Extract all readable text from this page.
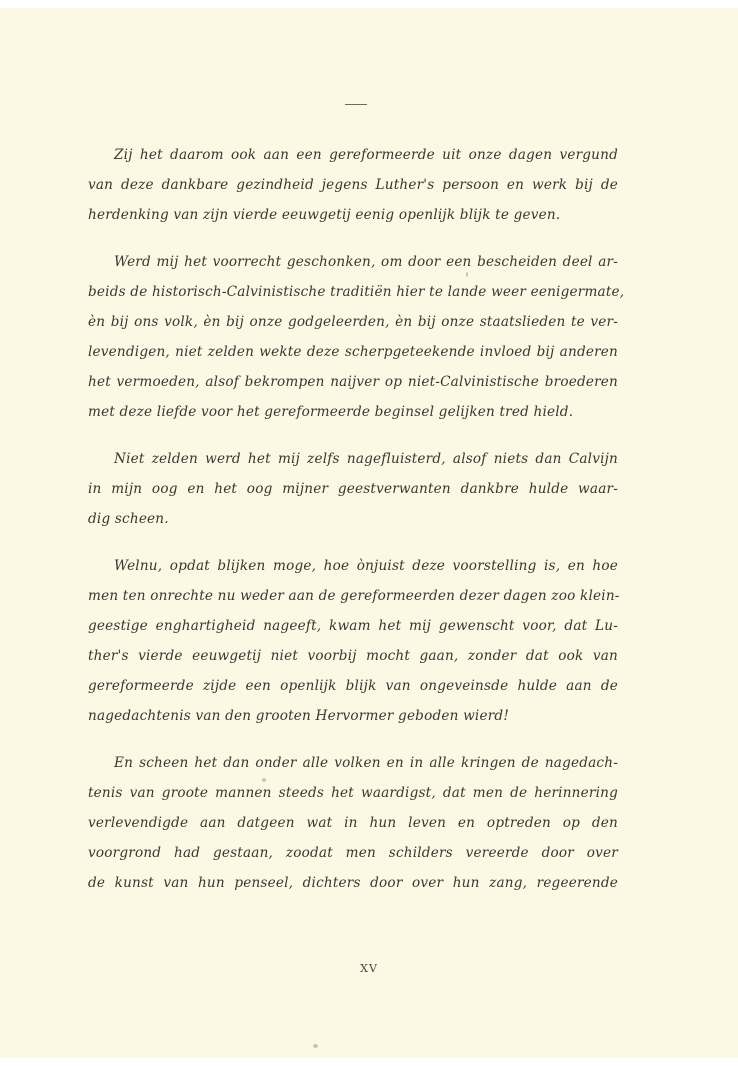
Zij het daarom ook aan een gereformeerde uit onze dagen vergund
van deze dankbare gezindheid jegens Luther's persoon en werk bij de
herdenking van zijn vierde eeuwgetij eenig openlijk blijk te geven.
Werd mij het voorrecht geschonken, om door een bescheiden deel ar-
beids de historisch-Calvinistische traditiën hier te lande weer eenigermate,
èn bij ons volk, èn bij onze godgeleerden, èn bij onze staatslieden te ver-
levendigen, niet zelden wekte deze scherpgeteekende invloed bij anderen
het vermoeden, alsof bekrompen naijver op niet-Calvinistische broederen
met deze liefde voor het gereformeerde beginsel gelijken tred hield.
Niet zelden werd het mij zelfs nagefluisterd, alsof niets dan Calvijn
in mijn oog en het oog mijner geestverwanten dankbre hulde waar-
dig scheen.
Welnu, opdat blijken moge, hoe ònjuist deze voorstelling is, en hoe
men ten onrechte nu weder aan de gereformeerden dezer dagen zoo klein-
geestige enghartigheid nageeft, kwam het mij gewenscht voor, dat Lu-
ther's vierde eeuwgetij niet voorbij mocht gaan, zonder dat ook van
gereformeerde zijde een openlijk blijk van ongeveinsde hulde aan de
nagedachtenis van den grooten Hervormer geboden wierd!
En scheen het dan onder alle volken en in alle kringen de nagedach-
tenis van groote mannen steeds het waardigst, dat men de herinnering
verlevendigde aan datgeen wat in hun leven en optreden op den
voorgrond had gestaan, zoodat men schilders vereerde door over
de kunst van hun penseel, dichters door over hun zang, regeerende
XV
